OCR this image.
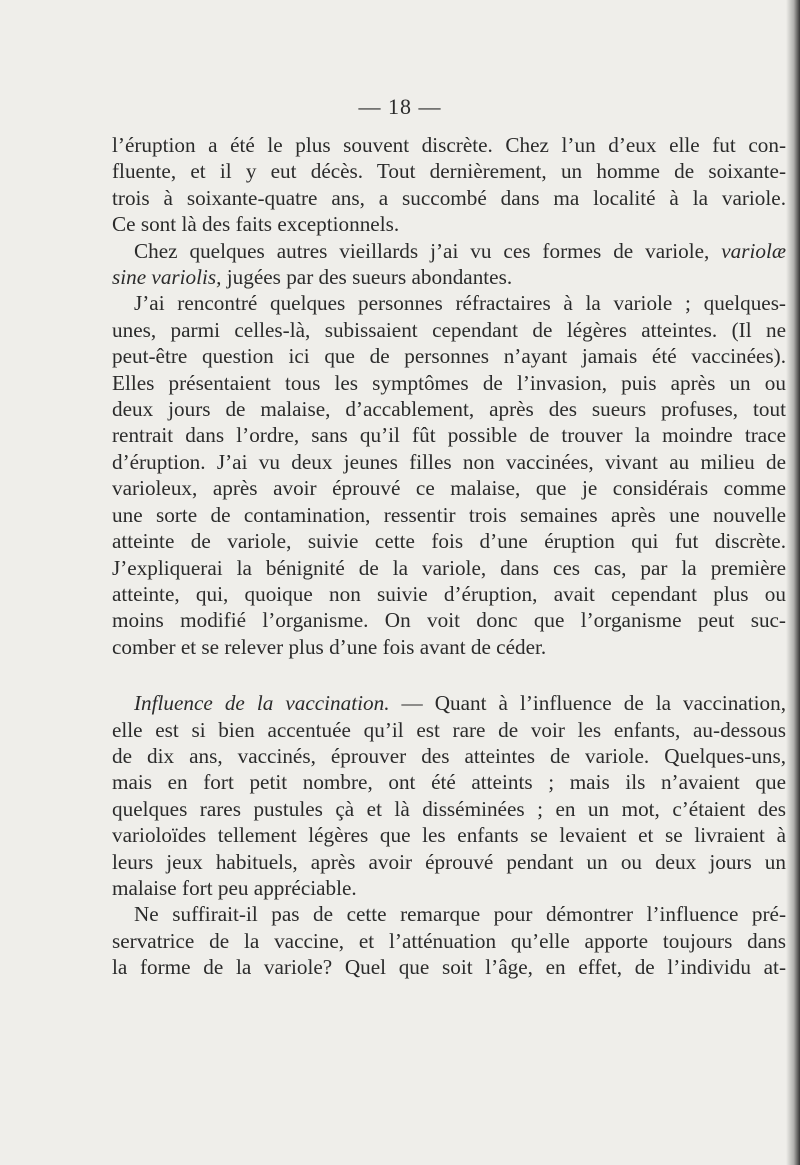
— 18 —
l’éruption a été le plus souvent discrète. Chez l’un d’eux elle fut con-
fluente, et il y eut décès. Tout dernièrement, un homme de soixante-
trois à soixante-quatre ans, a succombé dans ma localité à la variole.
Ce sont là des faits exceptionnels.
Chez quelques autres vieillards j’ai vu ces formes de variole, variolæ
sine variolis, jugées par des sueurs abondantes.
J’ai rencontré quelques personnes réfractaires à la variole ; quelques-
unes, parmi celles-là, subissaient cependant de légères atteintes. (Il ne
peut-être question ici que de personnes n’ayant jamais été vaccinées).
Elles présentaient tous les symptômes de l’invasion, puis après un ou
deux jours de malaise, d’accablement, après des sueurs profuses, tout
rentrait dans l’ordre, sans qu’il fût possible de trouver la moindre trace
d’éruption. J’ai vu deux jeunes filles non vaccinées, vivant au milieu de
varioleux, après avoir éprouvé ce malaise, que je considérais comme
une sorte de contamination, ressentir trois semaines après une nouvelle
atteinte de variole, suivie cette fois d’une éruption qui fut discrète.
J’expliquerai la bénignité de la variole, dans ces cas, par la première
atteinte, qui, quoique non suivie d’éruption, avait cependant plus ou
moins modifié l’organisme. On voit donc que l’organisme peut suc-
comber et se relever plus d’une fois avant de céder.
Influence de la vaccination. — Quant à l’influence de la vaccination,
elle est si bien accentuée qu’il est rare de voir les enfants, au-dessous
de dix ans, vaccinés, éprouver des atteintes de variole. Quelques-uns,
mais en fort petit nombre, ont été atteints ; mais ils n’avaient que
quelques rares pustules çà et là disséminées ; en un mot, c’étaient des
varioloïdes tellement légères que les enfants se levaient et se livraient à
leurs jeux habituels, après avoir éprouvé pendant un ou deux jours un
malaise fort peu appréciable.
Ne suffirait-il pas de cette remarque pour démontrer l’influence pré-
servatrice de la vaccine, et l’atténuation qu’elle apporte toujours dans
la forme de la variole? Quel que soit l’âge, en effet, de l’individu at-
